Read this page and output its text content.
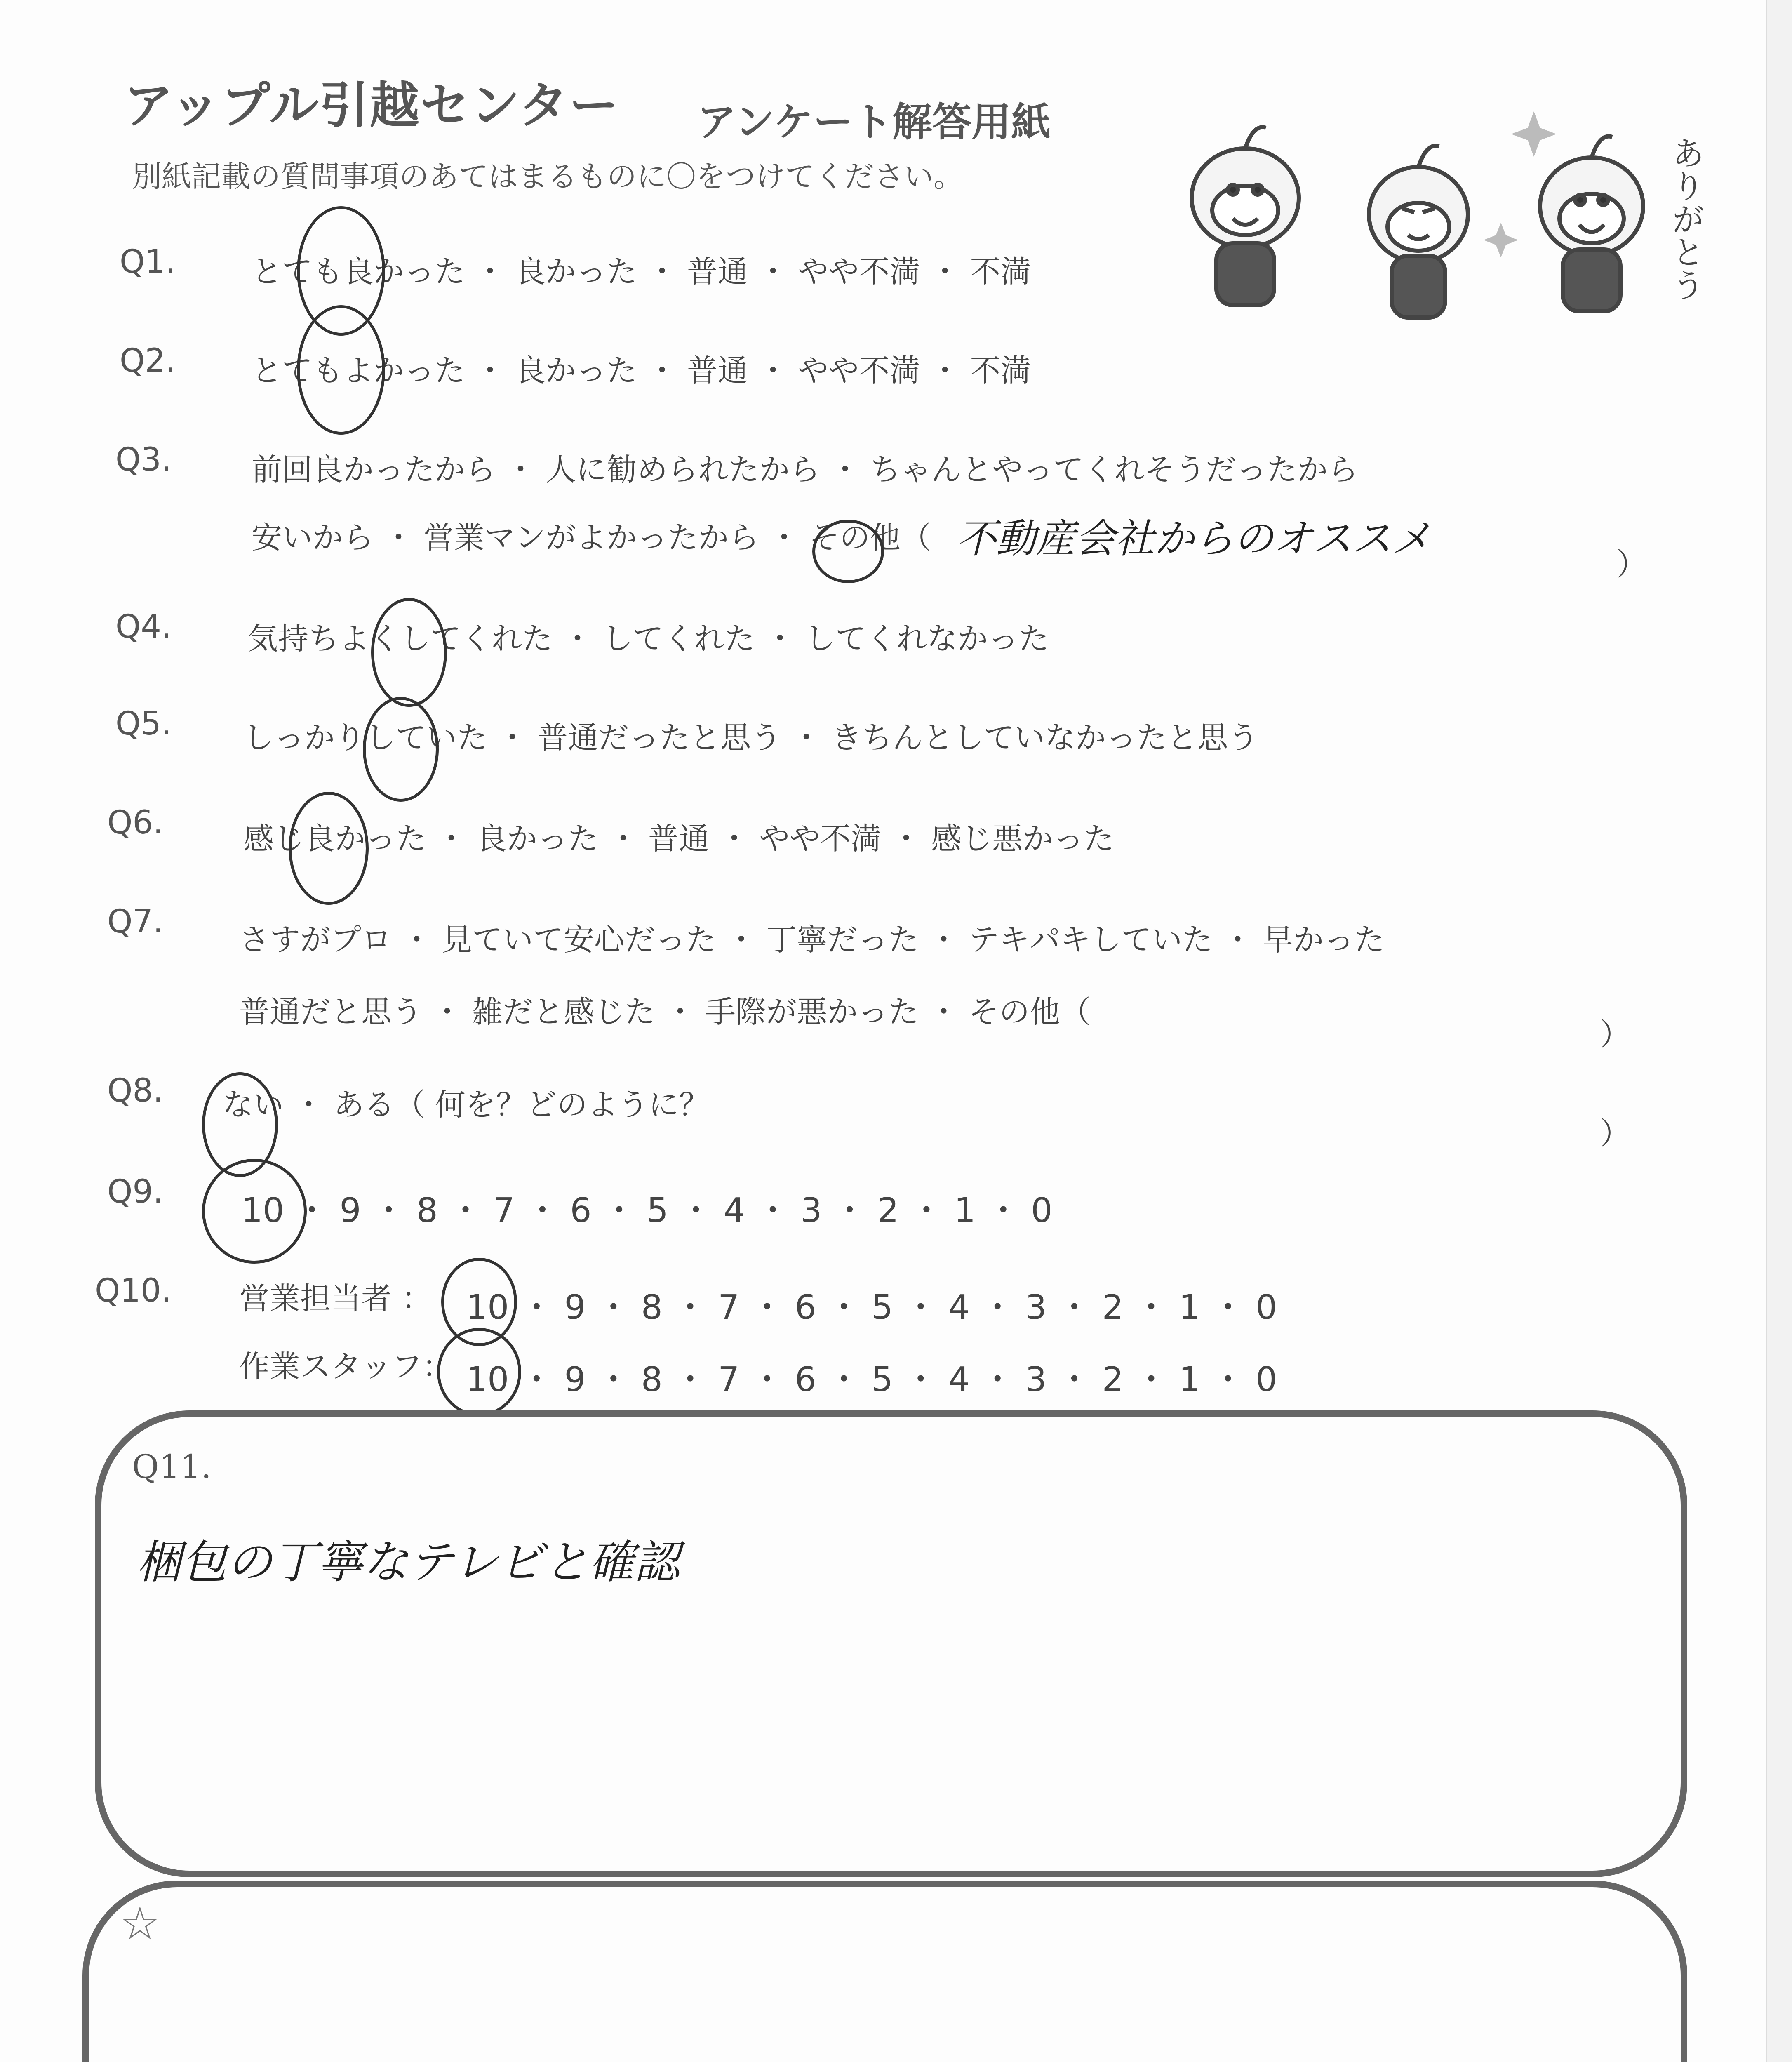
アップル引越センター アンケート解答用紙
別紙記載の質問事項のあてはまるものに〇をつけてください。	ありがとう
Q1. とても良かった ・ 良かった ・ 普通 ・ やや不満 ・ 不満
Q2. とてもよかった ・ 良かった ・ 普通 ・ やや不満 ・ 不満
Q3.	前回良かったから ・ 人に勧められたから ・ ちゃんとやってくれそうだったから
安いから ・ 営業マンがよかったから ・ その他（ 不動産会社からのオススメ
）
Q4. 気持ちよくしてくれた ・ してくれた ・ してくれなかった
Q5. しっかりしていた ・ 普通だったと思う ・ きちんとしていなかったと思う
Q6.	感じ良かった ・ 良かった ・ 普通 ・ やや不満 ・ 感じ悪かった
Q7. さすがプロ ・ 見ていて安心だった ・ 丁寧だった ・ テキパキしていた ・ 早かった
普通だと思う ・ 雑だと感じた ・ 手際が悪かった ・ その他（
）
Q8. ない ・ ある（ 何を？どのように？
）
Q9. 10 ・ 9 ・ 8 ・ 7 ・ 6 ・ 5 ・ 4 ・ 3 ・ 2 ・ 1 ・ 0
Q10. 営業担当者 ： 10 ・ 9 ・ 8 ・ 7 ・ 6 ・ 5 ・ 4 ・ 3 ・ 2 ・ 1 ・ 0
作業スタッフ： 10 ・ 9 ・ 8 ・ 7 ・ 6 ・ 5 ・ 4 ・ 3 ・ 2 ・ 1 ・ 0
Q11.
梱包の丁寧なテレビと確認
☆
